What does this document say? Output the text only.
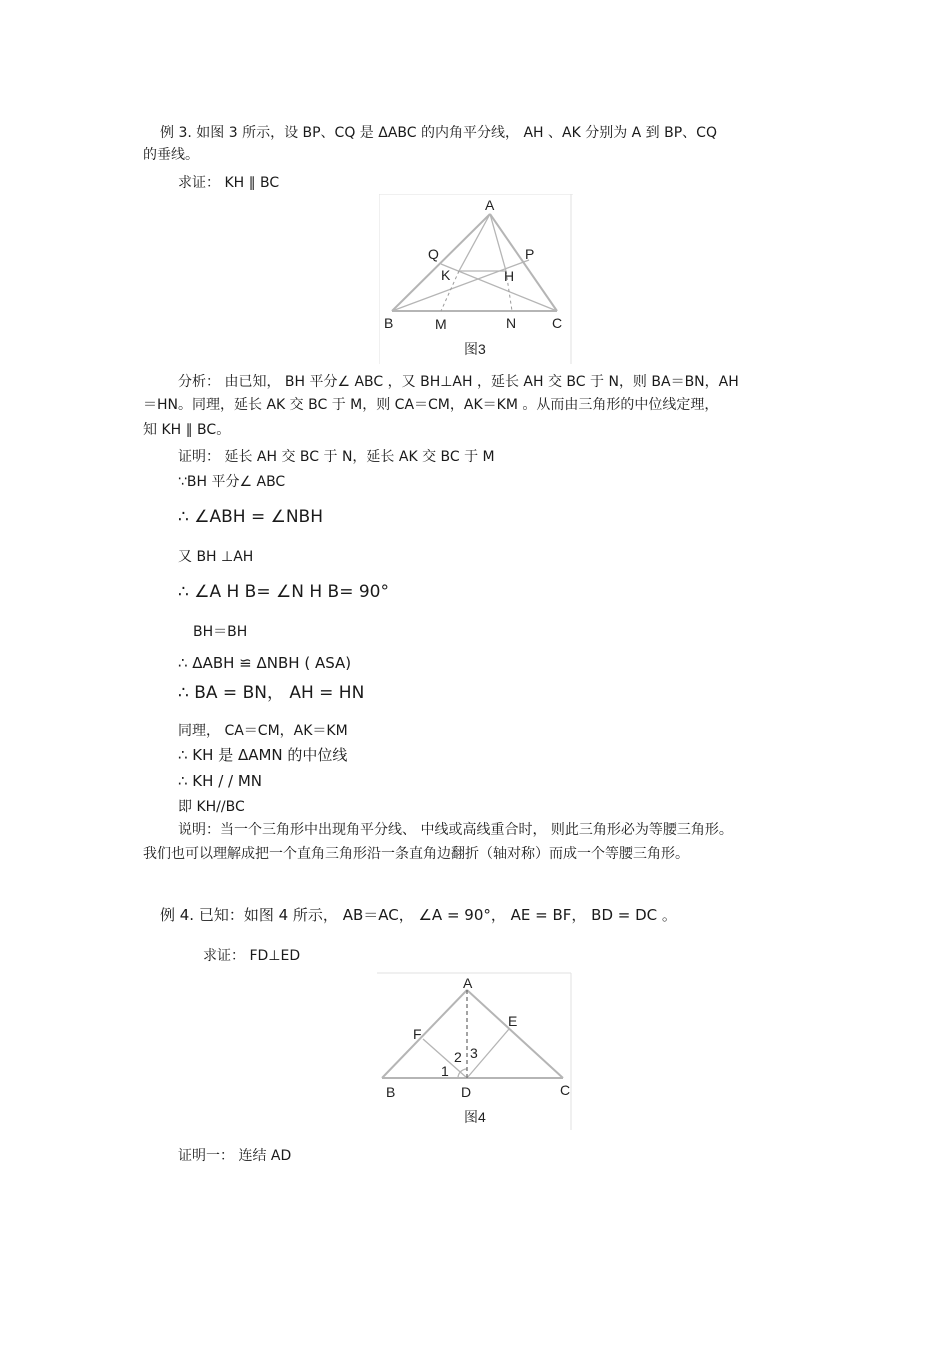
例 3. 如图 3 所示，设 BP、CQ 是 ΔABC 的内角平分线， AH 、AK 分别为 A 到 BP、CQ
的垂线。
求证： KH ∥ BC
A
Q	P
K	H
B	M	N	C
图3
分析： 由已知， BH 平分∠ ABC ，又 BH⊥AH ，延长 AH 交 BC 于 N，则 BA＝BN，AH
＝HN。同理，延长 AK 交 BC 于 M，则 CA＝CM，AK＝KM 。从而由三角形的中位线定理，
知 KH ∥ BC。
证明： 延长 AH 交 BC 于 N，延长 AK 交 BC 于 M
∵BH 平分∠ ABC
∴ ∠ABH = ∠NBH
又 BH ⊥AH
∴ ∠A H B= ∠N H B= 90°
BH＝BH
∴ ΔABH ≌ ΔNBH ( ASA)
∴ BA = BN， AH = HN
同理， CA＝CM，AK＝KM
∴ KH 是 ΔAMN 的中位线
∴ KH / / MN
即 KH//BC
说明：当一个三角形中出现角平分线、 中线或高线重合时， 则此三角形必为等腰三角形。
我们也可以理解成把一个直角三角形沿一条直角边翻折（轴对称）而成一个等腰三角形。
例 4. 已知：如图 4 所示， AB＝AC， ∠A = 90°， AE = BF， BD = DC 。
求证： FD⊥ED
A
F
E
2 3
1
B	D	C
图4
证明一： 连结 AD
